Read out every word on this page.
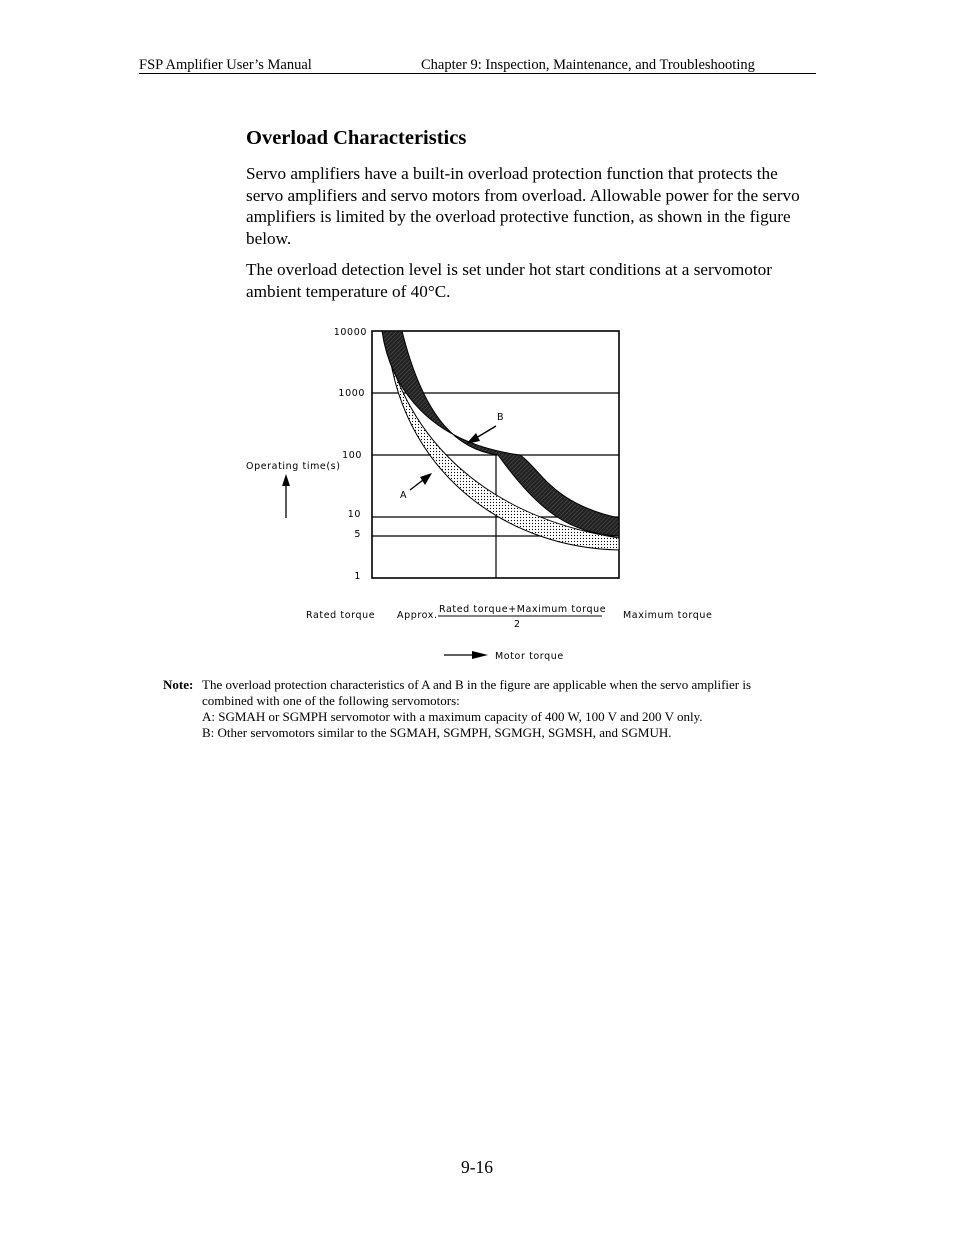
FSP Amplifier User’s Manual	Chapter 9: Inspection, Maintenance, and Troubleshooting
Overload Characteristics

Servo amplifiers have a built-in overload protection function that protects the servo amplifiers and servo motors from overload. Allowable power for the servo amplifiers is limited by the overload protective function, as shown in the figure below.

The overload detection level is set under hot start conditions at a servomotor ambient temperature of 40°C.

10000
1000
100
10
5
1
Operating time(s)
B
A
Rated torque Approx.
Rated torque+Maximum torque
2
Maximum torque
Motor torque
Note: The overload protection characteristics of A and B in the figure are applicable when the servo amplifier is
combined with one of the following servomotors:
A: SGMAH or SGMPH servomotor with a maximum capacity of 400 W, 100 V and 200 V only.
B: Other servomotors similar to the SGMAH, SGMPH, SGMGH, SGMSH, and SGMUH.
9-16
